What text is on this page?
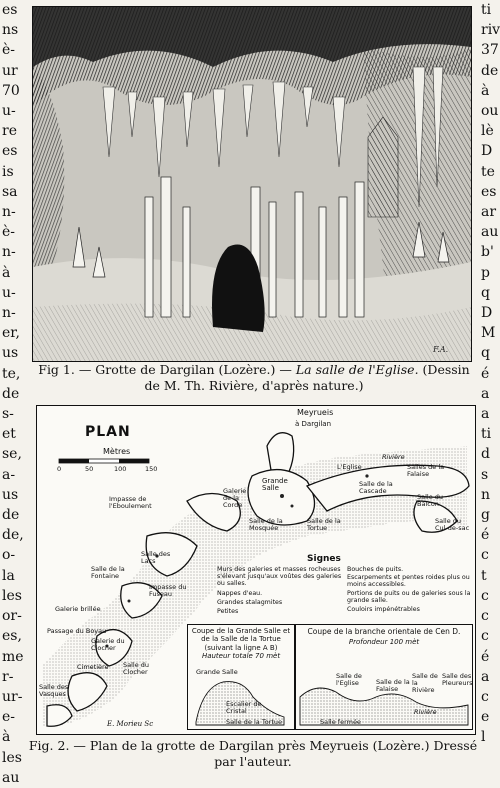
es
ns
è-
ur
70
u-
re
es
is
sa
n-
è-
n-
à
u-
n-
er,
us
te,
de
s-
et
se,
a-
us
de
de,
o-
la
les
or-
es,
me
r-
ur-
e-
à
les
au
ti
riv
37
de
à
ou
lè
D
te
es
ar
au
b'
p
q
D
M
q
é
a
a
ti
d
s
n
g
é
c
t
c
c
c
é
a
c
e
l
F.A.
Fig 1. — Grotte de Dargilan (Lozère.) — La salle de l'Eglise. (Dessin de M. Th. Rivière, d'après nature.)
PLAN
Mètres
0	50	100	150
Meyrueis
à Dargilan
Galerie de la Corde
Grande Salle
Salle de la Mosquée
Salle de la Tortue
L'Eglise
Rivière
Salle de la Cascade
Salles de la Falaise
Salle du Balcon
Salle du Cul-de-sac
Impasse de l'Eboulement
Salle de la Fontaine
Impasse du Fuseau
Salle des Lacs
Galerie brillée
Passage du Boyau
Galerie du Clocher
Salle du Clocher
Salle des Vasques
Cimetière
Signes
Murs des galeries et masses rocheuses s'élevant jusqu'aux voûtes des galeries ou salles.
Nappes d'eau.
Grandes stalagmites
Petites
Bouches de puits.
Escarpements et pentes roides plus ou moins accessibles.
Portions de puits ou de galeries sous la grande salle.
Couloirs impénétrables
Coupe de la Grande Salle et de la Salle de la Tortue
(suivant la ligne A B)
Hauteur totale 70 mèt
Grande Salle
Escalier de Cristal
Salle de la Tortue
Coupe de la branche orientale de Cen D.
Profondeur 100 mèt
Salle de l'Eglise	Salle de la Falaise
Salle de la Rivière
Salle des Pleureurs
Rivière
Salle fermée
E. Morieu Sc
Fig. 2. — Plan de la grotte de Dargilan près Meyrueis (Lozère.) Dressé par l'auteur.
